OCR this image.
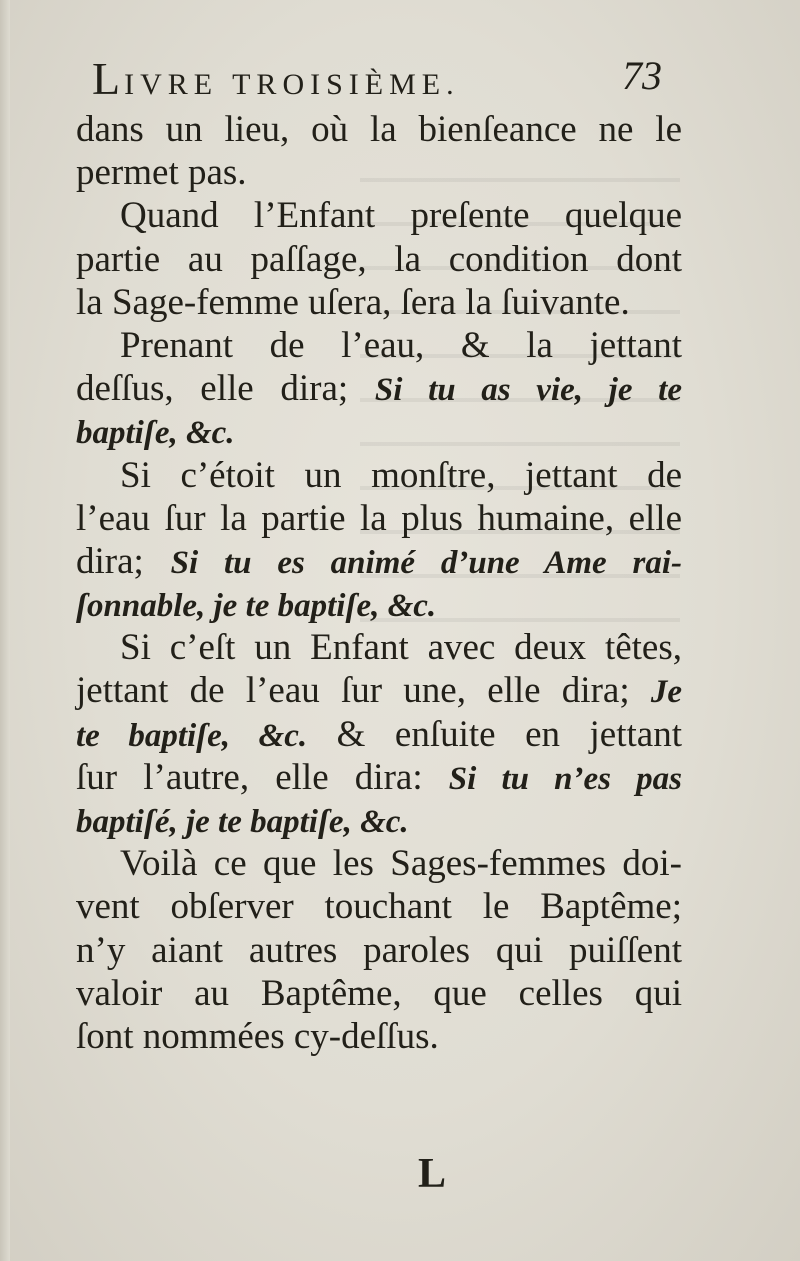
LIVRE TROISIÈME.	73
dans un lieu, où la bienſeance ne le
permet pas.
Quand l’Enfant preſente quelque
partie au paſſage, la condition dont
la Sage-femme uſera, ſera la ſuivante.
Prenant de l’eau, & la jettant
deſſus, elle dira; Si tu as vie, je te
baptiſe, &c.
Si c’étoit un monſtre, jettant de
l’eau ſur la partie la plus humaine, elle
dira; Si tu es animé d’une Ame rai-
ſonnable, je te baptiſe, &c.
Si c’eſt un Enfant avec deux têtes,
jettant de l’eau ſur une, elle dira; Je
te baptiſe, &c. & enſuite en jettant
ſur l’autre, elle dira: Si tu n’es pas
baptiſé, je te baptiſe, &c.
Voilà ce que les Sages-femmes doi-
vent obſerver touchant le Baptême;
n’y aiant autres paroles qui puiſſent
valoir au Baptême, que celles qui
ſont nommées cy-deſſus.
L
